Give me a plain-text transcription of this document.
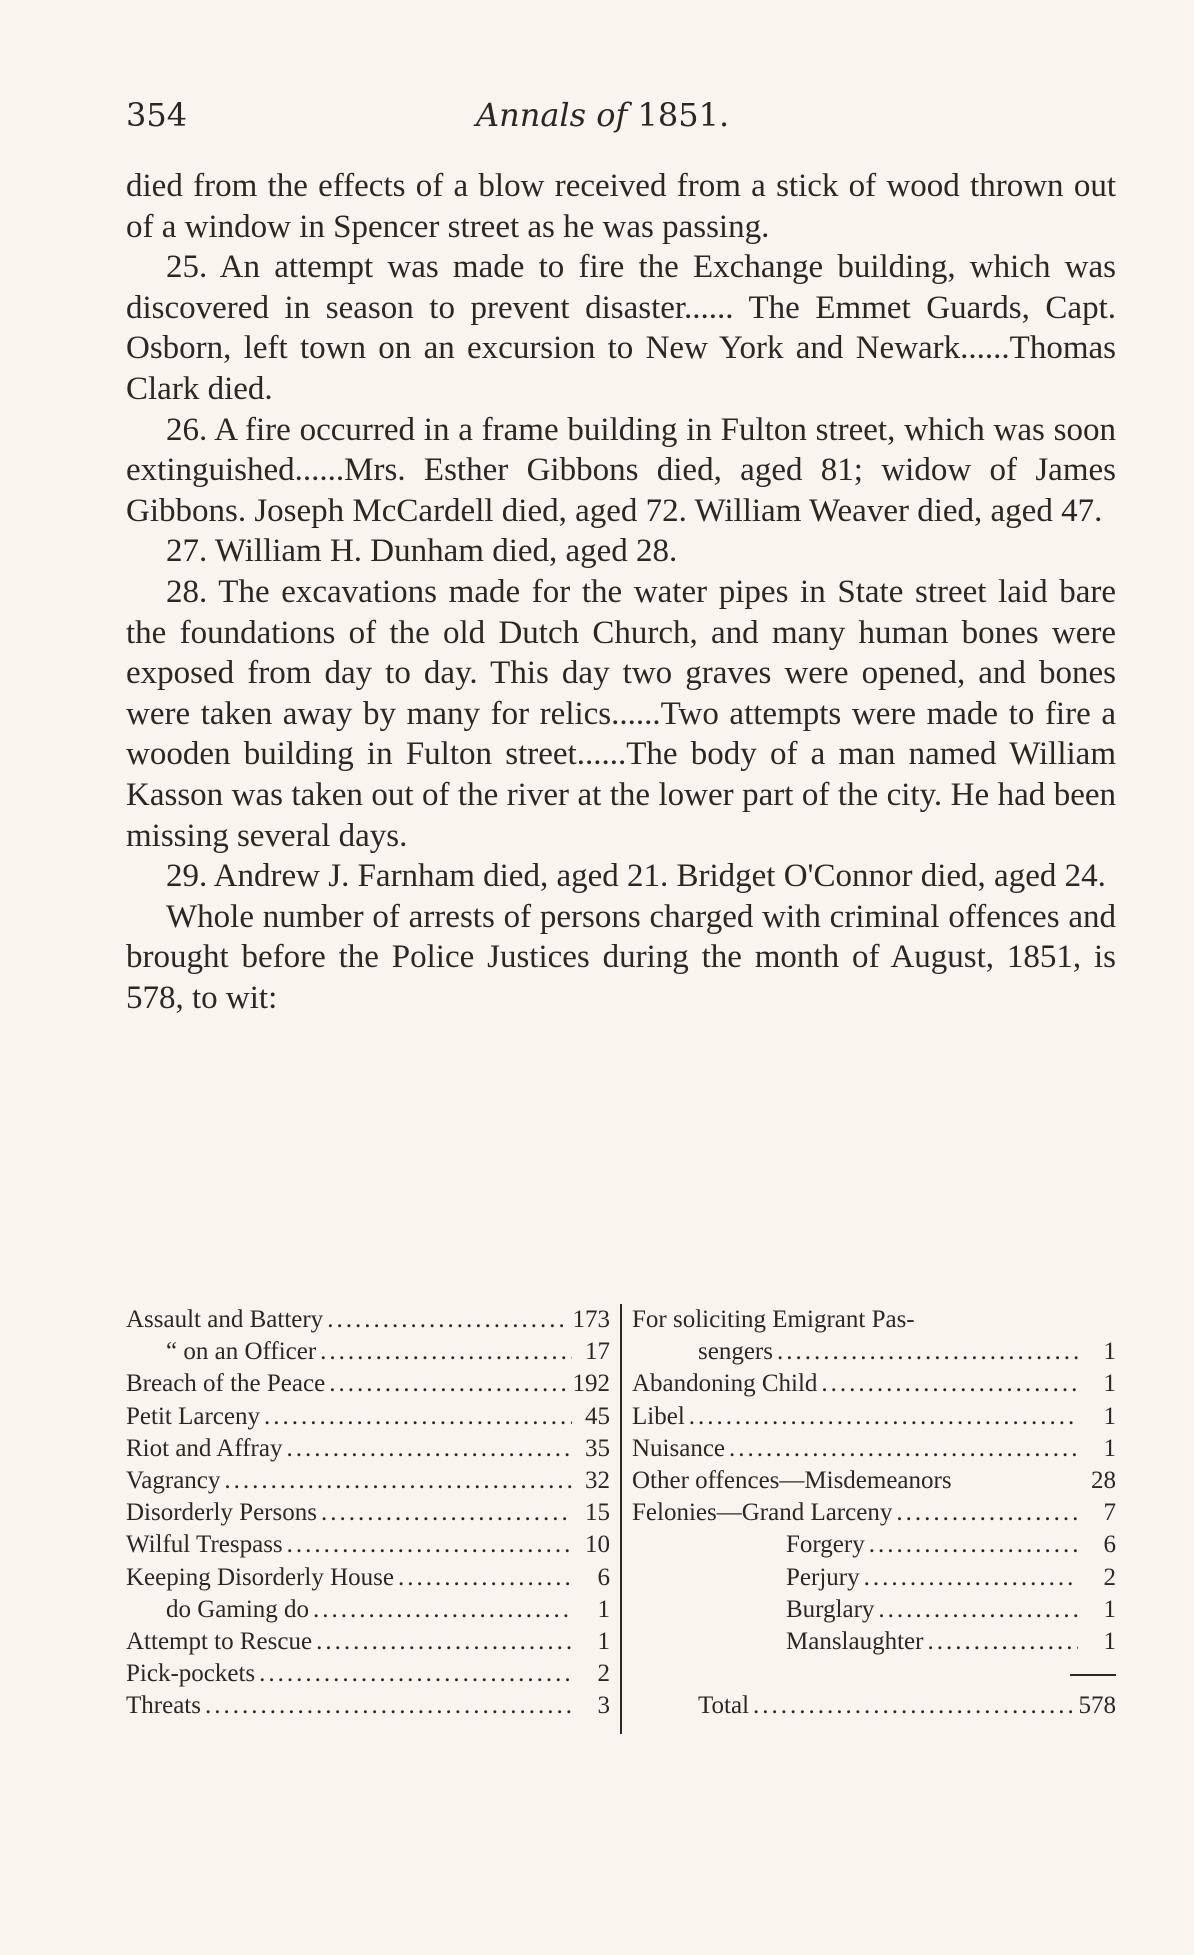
354	Annals of 1851.

died from the effects of a blow received from a stick of wood thrown out of a window in Spencer street as he was passing.

25. An attempt was made to fire the Exchange building, which was discovered in season to prevent disaster...... The Emmet Guards, Capt. Osborn, left town on an excursion to New York and Newark......Thomas Clark died.

26. A fire occurred in a frame building in Fulton street, which was soon extinguished......Mrs. Esther Gibbons died, aged 81; widow of James Gibbons. Joseph McCardell died, aged 72. William Weaver died, aged 47.

27. William H. Dunham died, aged 28.

28. The excavations made for the water pipes in State street laid bare the foundations of the old Dutch Church, and many human bones were exposed from day to day. This day two graves were opened, and bones were taken away by many for relics......Two attempts were made to fire a wooden building in Fulton street......The body of a man named William Kasson was taken out of the river at the lower part of the city. He had been missing several days.

29. Andrew J. Farnham died, aged 21. Bridget O'Connor died, aged 24.

Whole number of arrests of persons charged with criminal offences and brought before the Police Justices during the month of August, 1851, is 578, to wit:

Assault and Battery .....	173
“ on an Officer .....	17
Breach of the Peace .....	192
Petit Larceny .....	45
Riot and Affray .....	35
Vagrancy .....	32
Disorderly Persons .....	15
Wilful Trespass .....	10
Keeping Disorderly House .....	6
do Gaming do .....	1
Attempt to Rescue .....	1
Pick-pockets .....	2
Threats .....	3
For soliciting Emigrant Pas-
sengers .....	1
Abandoning Child .....	1
Libel .....	1
Nuisance .....	1
Other offences—Misdemeanors	28
Felonies—Grand Larceny .....	7
Forgery .....	6
Perjury .....	2
Burglary .....	1
Manslaughter .....	1
Total .....	578
